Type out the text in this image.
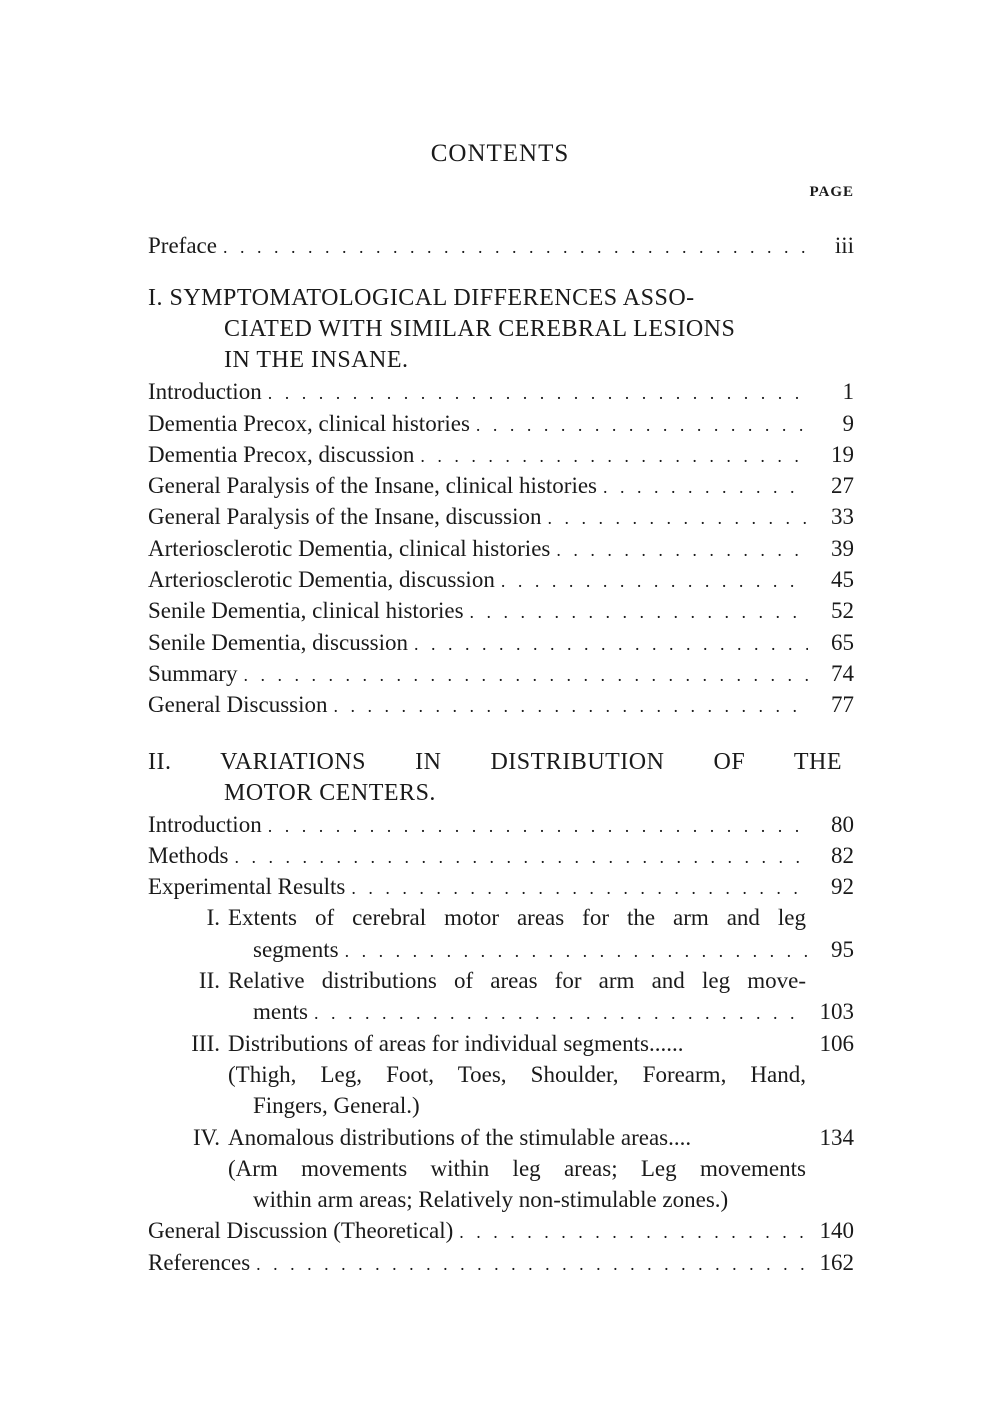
CONTENTS
PAGE
Preface . . .	iii
I. SYMPTOMATOLOGICAL DIFFERENCES ASSO-
CIATED WITH SIMILAR CEREBRAL LESIONS
IN THE INSANE.
Introduction . . .	1
Dementia Precox, clinical histories . . .	9
Dementia Precox, discussion . . .	19
General Paralysis of the Insane, clinical histories . . .	27
General Paralysis of the Insane, discussion . . .	33
Arteriosclerotic Dementia, clinical histories . . .	39
Arteriosclerotic Dementia, discussion . . .	45
Senile Dementia, clinical histories . . .	52
Senile Dementia, discussion . . .	65
Summary . . .	74
General Discussion . . .	77
II. VARIATIONS IN DISTRIBUTION OF THE
MOTOR CENTERS.
Introduction . . .	80
Methods . . .	82
Experimental Results . . .	92
I. Extents of cerebral motor areas for the arm and leg
segments . . .	95
II. Relative distributions of areas for arm and leg move-
ments . . .	103
III. Distributions of areas for individual segments......	106
(Thigh, Leg, Foot, Toes, Shoulder, Forearm, Hand,
Fingers, General.)
IV. Anomalous distributions of the stimulable areas....	134
(Arm movements within leg areas; Leg movements
within arm areas; Relatively non-stimulable zones.)
General Discussion (Theoretical) . . .	140
References . . .	162
